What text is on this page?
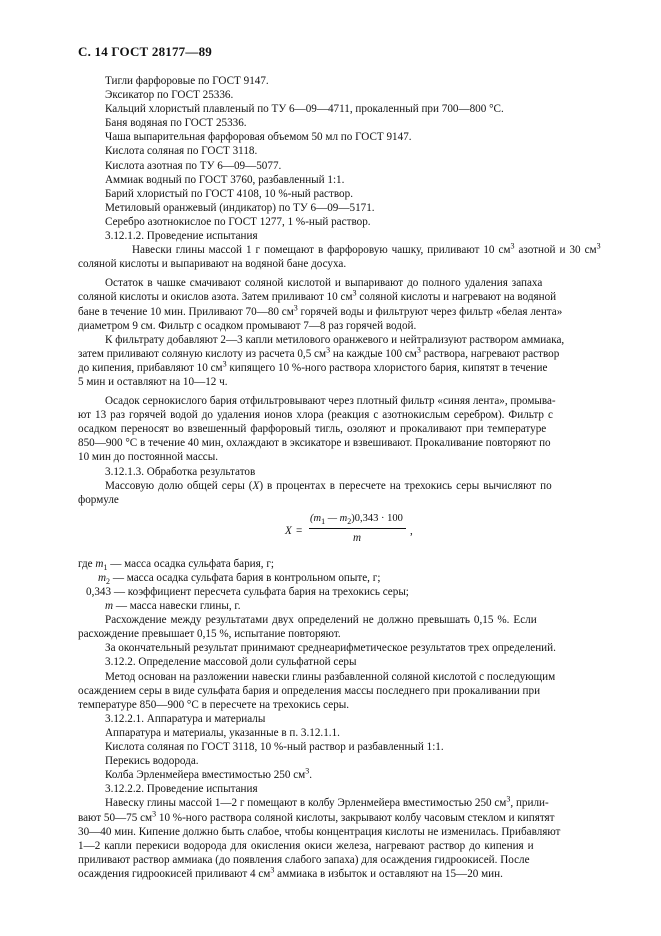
С. 14 ГОСТ 28177—89
Тигли фарфоровые по ГОСТ 9147.
Эксикатор по ГОСТ 25336.
Кальций хлористый плавленый по ТУ 6—09—4711, прокаленный при 700—800 °С.
Баня водяная по ГОСТ 25336.
Чаша выпарительная фарфоровая объемом 50 мл по ГОСТ 9147.
Кислота соляная по ГОСТ 3118.
Кислота азотная по ТУ 6—09—5077.
Аммиак водный по ГОСТ 3760, разбавленный 1:1.
Барий хлористый по ГОСТ 4108, 10 %-ный раствор.
Метиловый оранжевый (индикатор) по ТУ 6—09—5171.
Серебро азотнокислое по ГОСТ 1277, 1 %-ный раствор.
3.12.1.2. Проведение испытания
Навески глины массой 1 г помещают в фарфоровую чашку, приливают 10 $см^3$ азотной и 30 $см^3$
соляной кислоты и выпаривают на водяной бане досуха.
Остаток в чашке смачивают соляной кислотой и выпаривают до полного удаления запаха
соляной кислоты и окислов азота. Затем приливают 10 $см^3$ соляной кислоты и нагревают на водяной
бане в течение 10 мин. Приливают 70—80 $см^3$ горячей воды и фильтруют через фильтр «белая лента»
диаметром 9 см. Фильтр с осадком промывают 7—8 раз горячей водой.
К фильтрату добавляют 2—3 капли метилового оранжевого и нейтрализуют раствором аммиака,
затем приливают соляную кислоту из расчета 0,5 $см^3$ на каждые 100 $см^3$ раствора, нагревают раствор
до кипения, прибавляют 10 $см^3$ кипящего 10 %-ного раствора хлористого бария, кипятят в течение
5 мин и оставляют на 10—12 ч.
Осадок сернокислого бария отфильтровывают через плотный фильтр «синяя лента», промыва-
ют 13 раз горячей водой до удаления ионов хлора (реакция с азотнокислым серебром). Фильтр с
осадком переносят во взвешенный фарфоровый тигль, озоляют и прокаливают при температуре
850—900 °С в течение 40 мин, охлаждают в эксикаторе и взвешивают. Прокаливание повторяют по
10 мин до постоянной массы.
3.12.1.3. Обработка результатов
Массовую долю общей серы (X) в процентах в пересчете на трехокись серы вычисляют по
формуле
X =
($m_1$ — $m_2)0,343 \cdot 100$
m
,
где $m_1$ — масса осадка сульфата бария, г;
$m_2$ — масса осадка сульфата бария в контрольном опыте, г;
0,343 — коэффициент пересчета сульфата бария на трехокись серы;
m — масса навески глины, г.
Расхождение между результатами двух определений не должно превышать 0,15 %. Если
расхождение превышает 0,15 %, испытание повторяют.
За окончательный результат принимают среднеарифметическое результатов трех определений.
3.12.2. Определение массовой доли сульфатной серы
Метод основан на разложении навески глины разбавленной соляной кислотой с последующим
осаждением серы в виде сульфата бария и определения массы последнего при прокаливании при
температуре 850—900 °С в пересчете на трехокись серы.
3.12.2.1. Аппаратура и материалы
Аппаратура и материалы, указанные в п. 3.12.1.1.
Кислота соляная по ГОСТ 3118, 10 %-ный раствор и разбавленный 1:1.
Перекись водорода.
Колба Эрленмейера вместимостью 250 $см^3$.
3.12.2.2. Проведение испытания
Навеску глины массой 1—2 г помещают в колбу Эрленмейера вместимостью 250 $см^3$, прили-
вают 50—75 $см^3$ 10 %-ного раствора соляной кислоты, закрывают колбу часовым стеклом и кипятят
30—40 мин. Кипение должно быть слабое, чтобы концентрация кислоты не изменилась. Прибавляют
1—2 капли перекиси водорода для окисления окиси железа, нагревают раствор до кипения и
приливают раствор аммиака (до появления слабого запаха) для осаждения гидроокисей. После
осаждения гидроокисей приливают 4 $см^3$ аммиака в избыток и оставляют на 15—20 мин.
